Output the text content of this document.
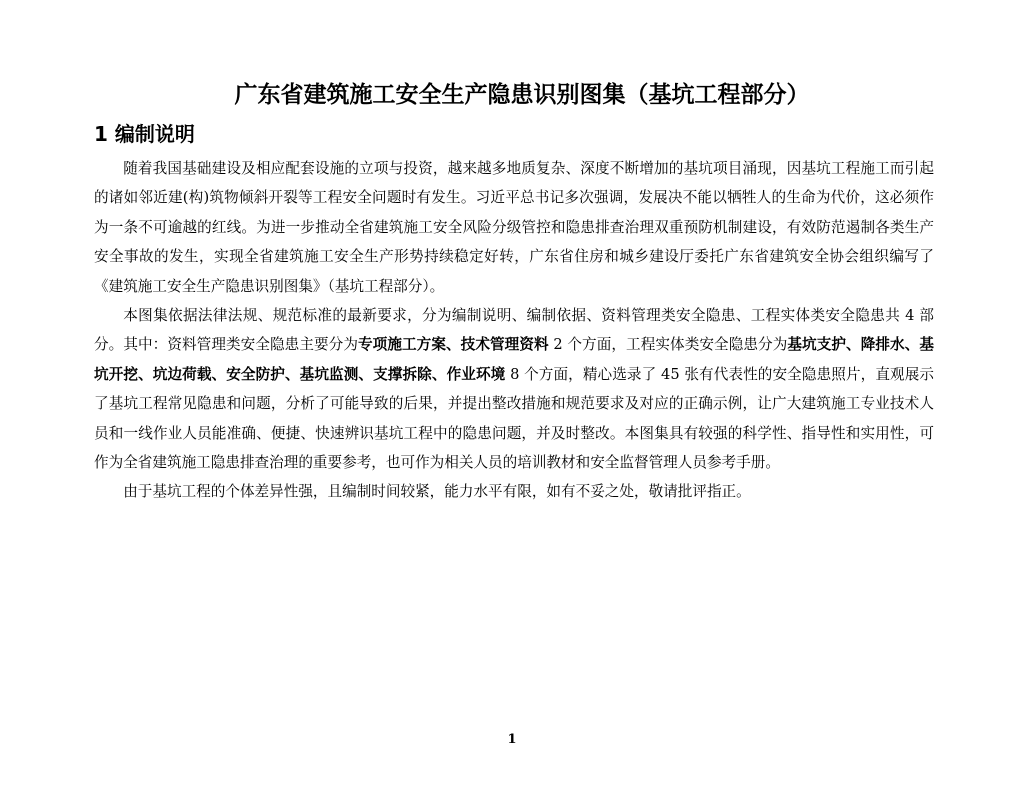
广东省建筑施工安全生产隐患识别图集（基坑工程部分）
1 编制说明

随着我国基础建设及相应配套设施的立项与投资，越来越多地质复杂、深度不断增加的基坑项目涌现，因基坑工程施工而引起的诸如邻近建(构)筑物倾斜开裂等工程安全问题时有发生。习近平总书记多次强调，发展决不能以牺牲人的生命为代价，这必须作为一条不可逾越的红线。为进一步推动全省建筑施工安全风险分级管控和隐患排查治理双重预防机制建设，有效防范遏制各类生产安全事故的发生，实现全省建筑施工安全生产形势持续稳定好转，广东省住房和城乡建设厅委托广东省建筑安全协会组织编写了《建筑施工安全生产隐患识别图集》（基坑工程部分）。

本图集依据法律法规、规范标准的最新要求，分为编制说明、编制依据、资料管理类安全隐患、工程实体类安全隐患共 4 部分。其中：资料管理类安全隐患主要分为专项施工方案、技术管理资料 2 个方面，工程实体类安全隐患分为基坑支护、降排水、基坑开挖、坑边荷载、安全防护、基坑监测、支撑拆除、作业环境 8 个方面，精心选录了 45 张有代表性的安全隐患照片，直观展示了基坑工程常见隐患和问题，分析了可能导致的后果，并提出整改措施和规范要求及对应的正确示例，让广大建筑施工专业技术人员和一线作业人员能准确、便捷、快速辨识基坑工程中的隐患问题，并及时整改。本图集具有较强的科学性、指导性和实用性，可作为全省建筑施工隐患排查治理的重要参考，也可作为相关人员的培训教材和安全监督管理人员参考手册。

由于基坑工程的个体差异性强，且编制时间较紧，能力水平有限，如有不妥之处，敬请批评指正。

1
